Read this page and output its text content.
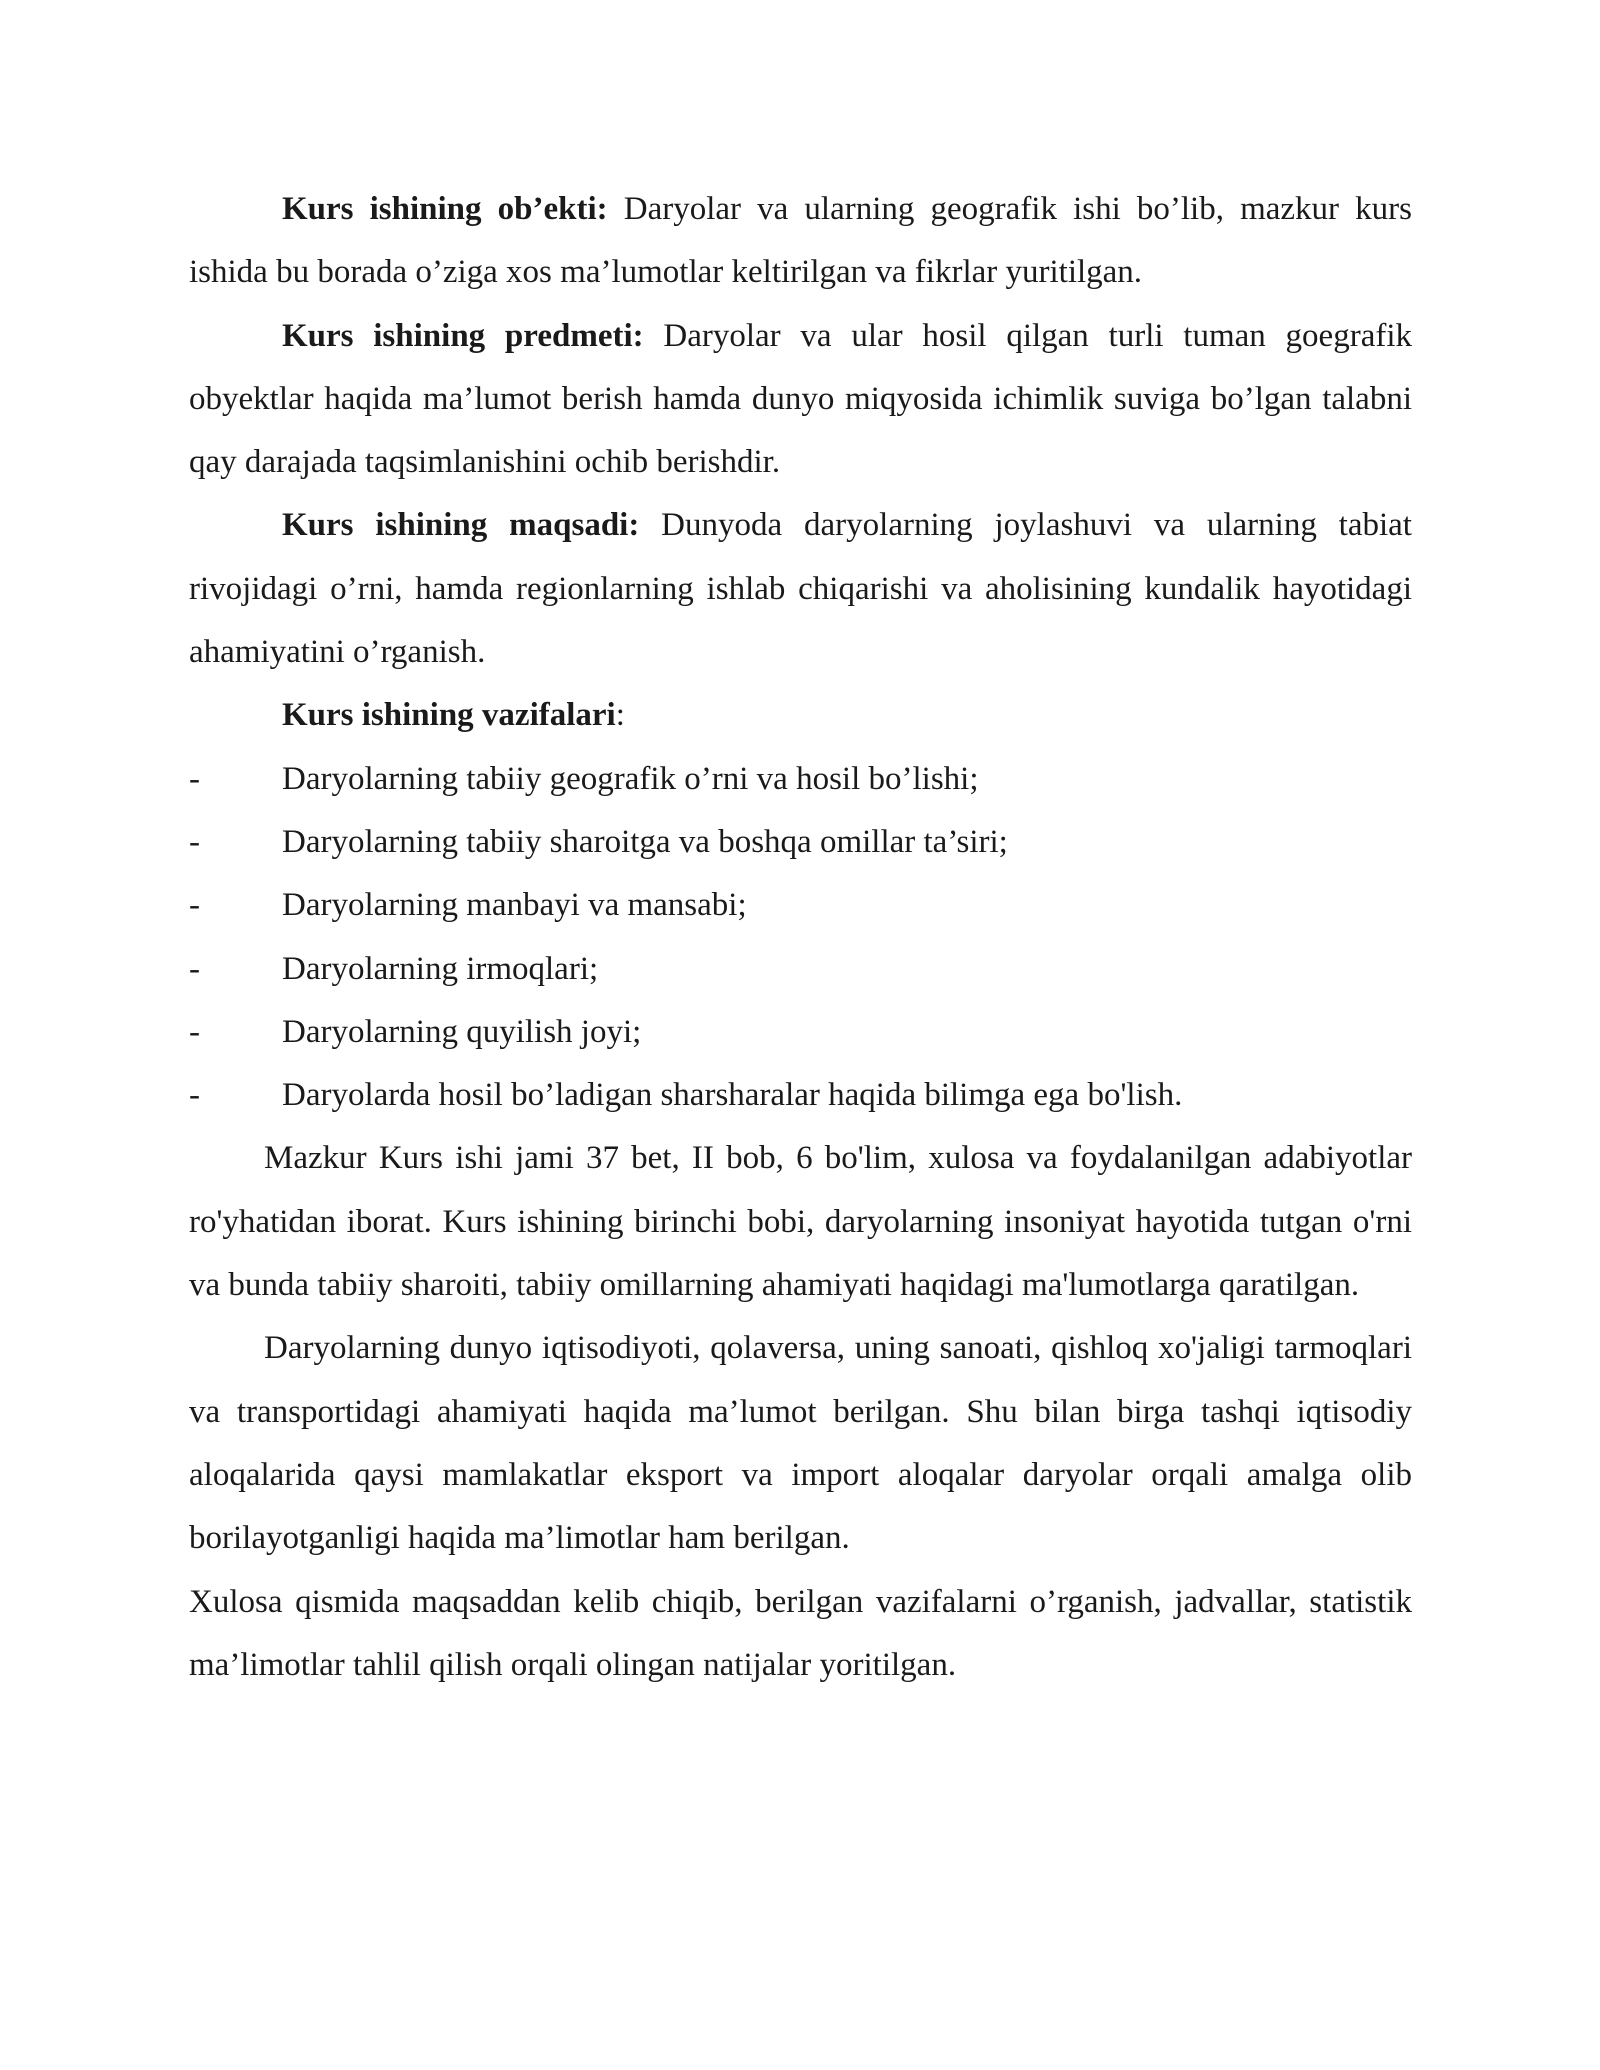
Kurs ishining ob’ekti: Daryolar va ularning geografik ishi bo’lib, mazkur kurs ishida bu borada o’ziga xos ma’lumotlar keltirilgan va fikrlar yuritilgan.

Kurs ishining predmeti: Daryolar va ular hosil qilgan turli tuman goegrafik obyektlar haqida ma’lumot berish hamda dunyo miqyosida ichimlik suviga bo’lgan talabni qay darajada taqsimlanishini ochib berishdir.

Kurs ishining maqsadi: Dunyoda daryolarning joylashuvi va ularning tabiat rivojidagi o’rni, hamda regionlarning ishlab chiqarishi va aholisining kundalik hayotidagi ahamiyatini o’rganish.

Kurs ishining vazifalari:

- Daryolarning tabiiy geografik o’rni va hosil bo’lishi;
- Daryolarning tabiiy sharoitga va boshqa omillar ta’siri;
- Daryolarning manbayi va mansabi;
- Daryolarning irmoqlari;
- Daryolarning quyilish joyi;
- Daryolarda hosil bo’ladigan sharsharalar haqida bilimga ega bo'lish.

Mazkur Kurs ishi jami 37 bet, II bob, 6 bo'lim, xulosa va foydalanilgan adabiyotlar ro'yhatidan iborat. Kurs ishining birinchi bobi, daryolarning insoniyat hayotida tutgan o'rni va bunda tabiiy sharoiti, tabiiy omillarning ahamiyati haqidagi ma'lumotlarga qaratilgan.

Daryolarning dunyo iqtisodiyoti, qolaversa, uning sanoati, qishloq xo'jaligi tarmoqlari va transportidagi ahamiyati haqida ma’lumot berilgan. Shu bilan birga tashqi iqtisodiy aloqalarida qaysi mamlakatlar eksport va import aloqalar daryolar orqali amalga olib borilayotganligi haqida ma’limotlar ham berilgan.

Xulosa qismida maqsaddan kelib chiqib, berilgan vazifalarni o’rganish, jadvallar, statistik ma’limotlar tahlil qilish orqali olingan natijalar yoritilgan.
